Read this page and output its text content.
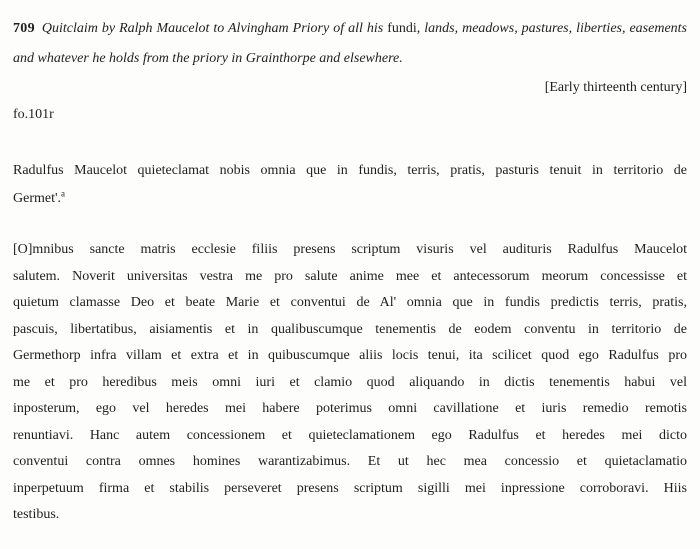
709 Quitclaim by Ralph Maucelot to Alvingham Priory of all his fundi, lands, meadows, pastures, liberties, easements and whatever he holds from the priory in Grainthorpe and elsewhere.

[Early thirteenth century]

fo.101r

Radulfus Maucelot quieteclamat nobis omnia que in fundis, terris, pratis, pasturis tenuit in territorio de
Germet'.$^a$
[O]mnibus sancte matris ecclesie filiis presens scriptum visuris vel audituris Radulfus Maucelot
salutem. Noverit universitas vestra me pro salute anime mee et antecessorum meorum concessisse et
quietum clamasse Deo et beate Marie et conventui de Al' omnia que in fundis predictis terris, pratis,
pascuis, libertatibus, aisiamentis et in qualibuscumque tenementis de eodem conventu in territorio de
Germethorp infra villam et extra et in quibuscumque aliis locis tenui, ita scilicet quod ego Radulfus pro
me et pro heredibus meis omni iuri et clamio quod aliquando in dictis tenementis habui vel
inposterum, ego vel heredes mei habere poterimus omni cavillatione et iuris remedio remotis
renuntiavi. Hanc autem concessionem et quieteclamationem ego Radulfus et heredes mei dicto
conventui contra omnes homines warantizabimus. Et ut hec mea concessio et quietaclamatio
inperpetuum firma et stabilis perseveret presens scriptum sigilli mei inpressione corroboravi. Hiis
testibus.
